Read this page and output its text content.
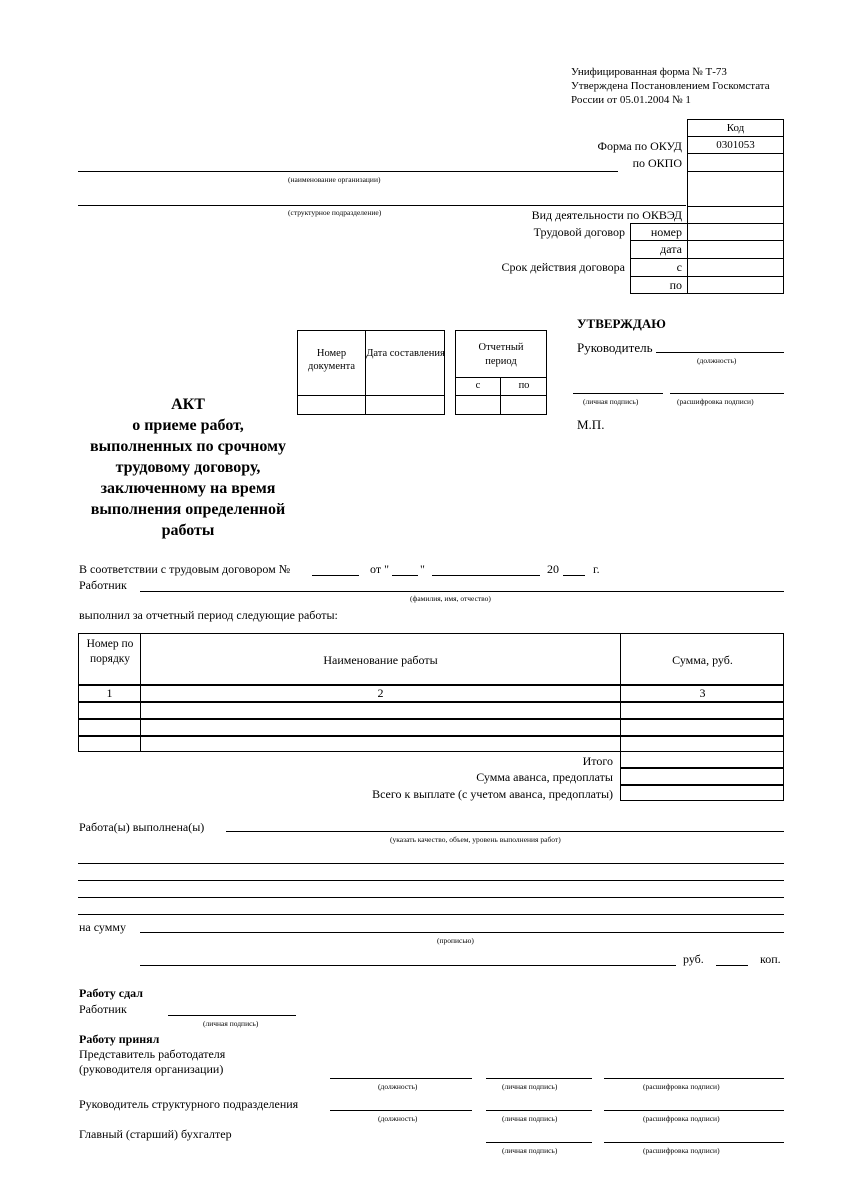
Унифицированная форма № Т-73
Утверждена Постановлением Госкомстата
России от 05.01.2004 № 1
Код
0301053
Форма по ОКУД
по ОКПО
Вид деятельности по ОКВЭД
Трудовой договор	номер
дата
Срок действия договора	с
по
(наименование организации)
(структурное подразделение)
Номер документа
Дата составления
Отчетный период
с	по
УТВЕРЖДАЮ
Руководитель
(должность)
(личная подпись)	(расшифровка подписи)
М.П.
АКТ
о приеме работ,
выполненных по срочному
трудовому договору,
заключенному на время
выполнения определенной
работы
В соответствии с трудовым договором №	от "	"	20	г.
Работник
(фамилия, имя, отчество)
выполнил за отчетный период следующие работы:
Номер по порядку	Наименование работы	Сумма, руб.
1	2	3
Итого
Сумма аванса, предоплаты
Всего к выплате (с учетом аванса, предоплаты)
Работа(ы) выполнена(ы)
(указать качество, объем, уровень выполнения работ)
на сумму
(прописью)
руб.	коп.
Работу сдал
Работник
(личная подпись)
Работу принял
Представитель работодателя
(руководителя организации)
(должность)	(личная подпись)	(расшифровка подписи)
Руководитель структурного подразделения
(должность)	(личная подпись)	(расшифровка подписи)
Главный (старший) бухгалтер
(личная подпись)	(расшифровка подписи)
